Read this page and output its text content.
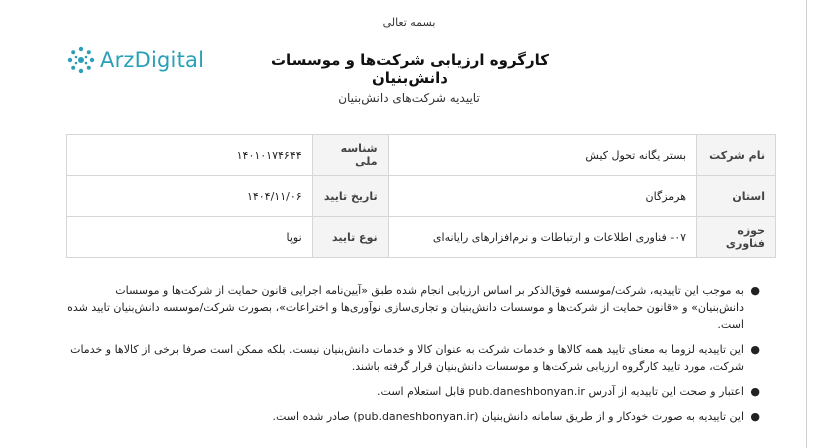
بسمه تعالی
ArzDigital	کارگروه ارزیابی شرکت‌ها و موسسات دانش‌بنیان
تاییدیه شرکت‌های دانش‌بنیان
نام شرکت	بستر یگانه تحول کیش	شناسه ملی	۱۴۰۱۰۱۷۴۶۴۴
استان	هرمزگان	تاریخ تایید	۱۴۰۴/۱۱/۰۶
حوزه فناوری	۰۷- فناوری اطلاعات و ارتباطات و نرم‌افزارهای رایانه‌ای	نوع تایید	نوپا
●
به موجب این تاییدیه، شرکت/موسسه فوق‌الذکر بر اساس ارزیابی انجام شده طبق «آیین‌نامه اجرایی قانون حمایت از شرکت‌ها و موسسات دانش‌بنیان» و «قانون حمایت از شرکت‌ها و موسسات دانش‌بنیان و تجاری‌سازی نوآوری‌ها و اختراعات»، بصورت شرکت/موسسه دانش‌بنیان تایید شده است.
●
این تاییدیه لزوما به معنای تایید همه کالاها و خدمات شرکت به عنوان کالا و خدمات دانش‌بنیان نیست. بلکه ممکن است صرفا برخی از کالاها و خدمات شرکت، مورد تایید کارگروه ارزیابی شرکت‌ها و موسسات دانش‌بنیان قرار گرفته باشند.
●
اعتبار و صحت این تاییدیه از آدرس pub.daneshbonyan.ir قابل استعلام است.
●
این تاییدیه به صورت خودکار و از طریق سامانه دانش‌بنیان (pub.daneshbonyan.ir) صادر شده است.
